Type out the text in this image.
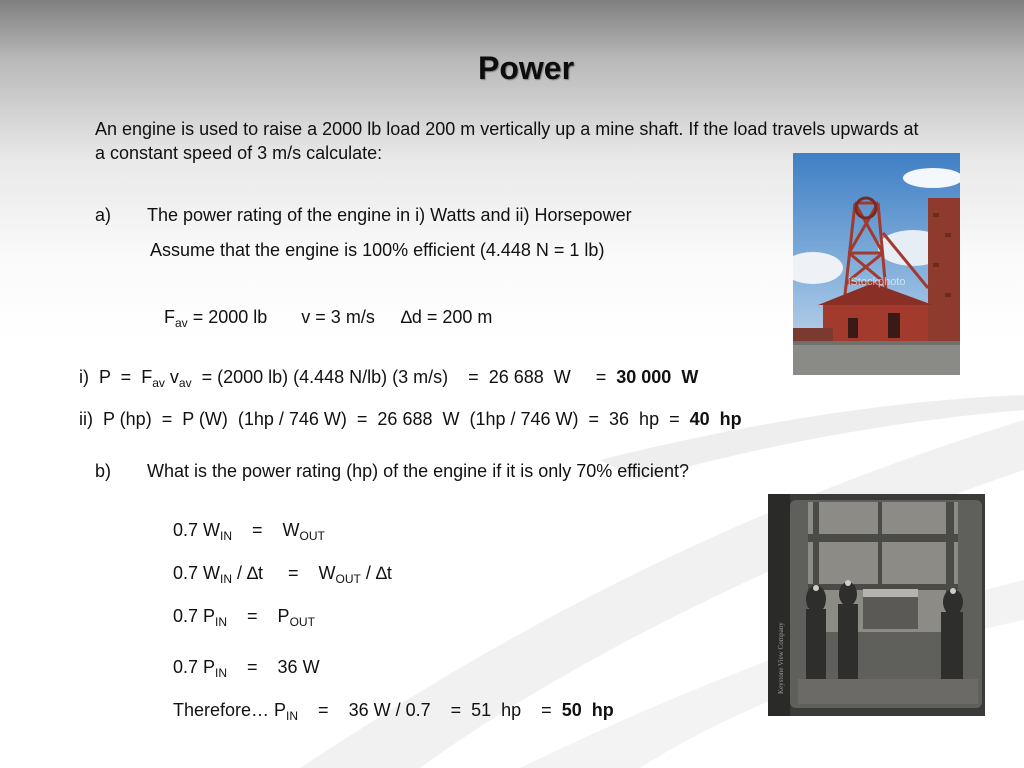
Power
An engine is used to raise a 2000 lb load 200 m vertically up a mine shaft. If the load travels upwards at a constant speed of 3 m/s calculate:
a) The power rating of the engine in i) Watts and ii) Horsepower
Assume that the engine is 100% efficient (4.448 N = 1 lb)
$F_{av} = 2000$ lb v = 3 m/s ∆d = 200 m
i)  $P = F_{av}$ $v_{av} = (2000$ lb) (4.448 N/lb) (3 m/s)    =  26 688  W     =  30 000  W
ii)  P (hp)  =  P (W)  (1hp / 746 W)  =  26 688  W  (1hp / 746 W)  =  36  hp  =  40  hp
b) What is the power rating (hp) of the engine if it is only 70% efficient?
0.7 $W_{IN}$    =    $W_{OUT}$
0.7 $W_{IN} / \Delta t$     =    $W_{OUT} / \Delta t$
0.7 $P_{IN}$    =    $P_{OUT}$
0.7 $P_{IN}$    =    36 W
Therefore… $P_{IN}$    =    36 W / 0.7    =  51  hp    =  50  hp
iStockphoto
Keystone View Company
